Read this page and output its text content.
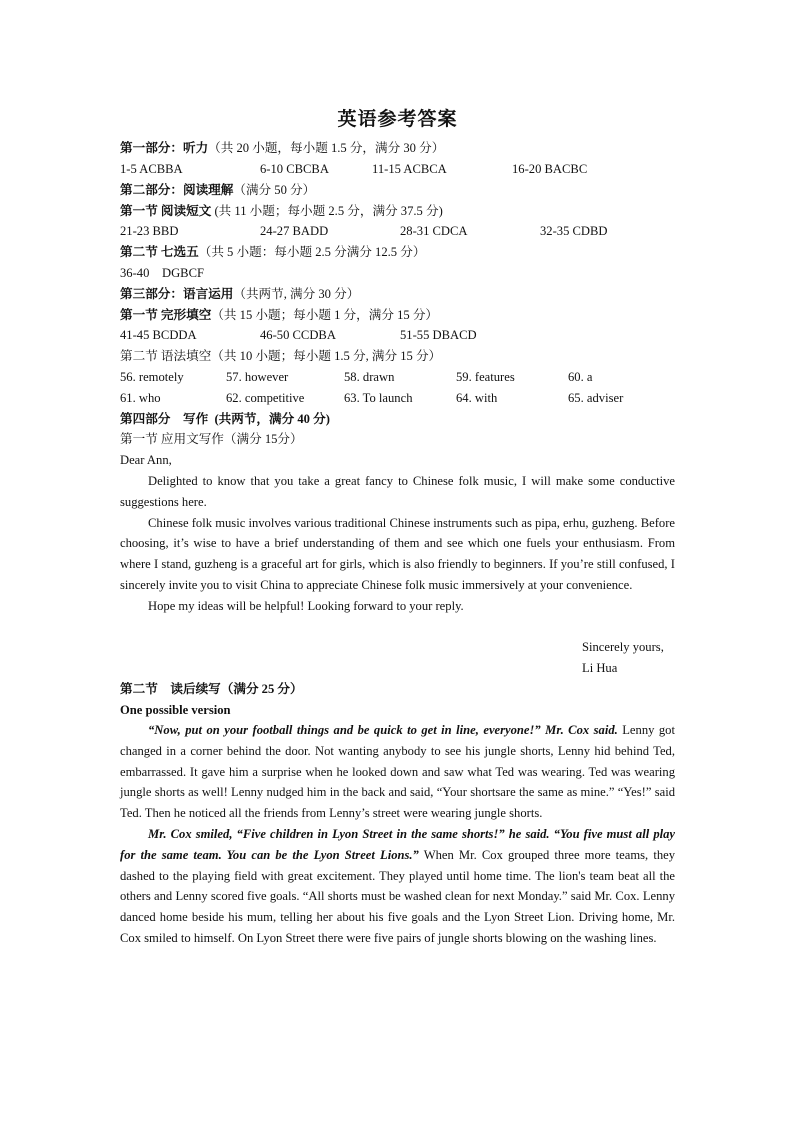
英语参考答案
第一部分：听力（共 20 小题，每小题 1.5 分，满分 30 分）
1-5 ACBBA	6-10 CBCBA	11-15 ACBCA	16-20 BACBC
第二部分：阅读理解（满分 50 分）
第一节 阅读短文 (共 11 小题；每小题 2.5 分，满分 37.5 分)
21-23 BBD	24-27 BADD	28-31 CDCA	32-35 CDBD
第二节 七选五（共 5 小题：每小题 2.5 分满分 12.5 分）
36-40    DGBCF
第三部分：语言运用（共两节, 满分 30 分）
第一节 完形填空（共 15 小题；每小题 1 分，满分 15 分）
41-45 BCDDA	46-50 CCDBA	51-55 DBACD
第二节 语法填空（共 10 小题；每小题 1.5 分, 满分 15 分）
56. remotely	57. however	58. drawn	59. features	60. a
61. who	62. competitive	63. To launch	64. with	65. adviser
第四部分    写作  (共两节，满分 40 分)
第一节 应用文写作（满分 15分）
Dear Ann,

Delighted to know that you take a great fancy to Chinese folk music, I will make some conductive suggestions here.

Chinese folk music involves various traditional Chinese instruments such as pipa, erhu, guzheng. Before choosing, it’s wise to have a brief understanding of them and see which one fuels your enthusiasm. From where I stand, guzheng is a graceful art for girls, which is also friendly to beginners. If you’re still confused, I sincerely invite you to visit China to appreciate Chinese folk music immersively at your convenience.

Hope my ideas will be helpful! Looking forward to your reply.

Sincerely yours,
Li Hua
第二节    读后续写（满分 25 分）
One possible version

“Now, put on your football things and be quick to get in line, everyone!” Mr. Cox said. Lenny got changed in a corner behind the door. Not wanting anybody to see his jungle shorts, Lenny hid behind Ted, embarrassed. It gave him a surprise when he looked down and saw what Ted was wearing. Ted was wearing jungle shorts as well! Lenny nudged him in the back and said, “Your shortsare the same as mine.” “Yes!” said Ted. Then he noticed all the friends from Lenny’s street were wearing jungle shorts.

Mr. Cox smiled, “Five children in Lyon Street in the same shorts!” he said. “You five must all play for the same team. You can be the Lyon Street Lions.” When Mr. Cox grouped three more teams, they dashed to the playing field with great excitement. They played until home time. The lion's team beat all the others and Lenny scored five goals. “All shorts must be washed clean for next Monday.” said Mr. Cox. Lenny danced home beside his mum, telling her about his five goals and the Lyon Street Lion. Driving home, Mr. Cox smiled to himself. On Lyon Street there were five pairs of jungle shorts blowing on the washing lines.
